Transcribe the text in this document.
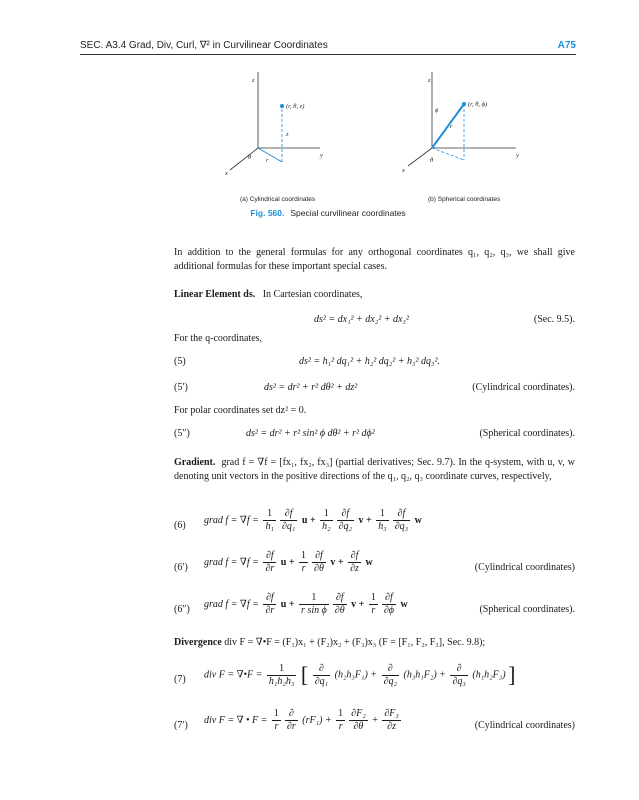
SEC. A3.4 Grad, Div, Curl, ∇² in Curvilinear Coordinates	A75
z
y
x
r
θ
z
(r, θ, z)
z
y
x
r
ϕ
θ
(r, θ, ϕ)
(a) Cylindrical coordinates	(b) Spherical coordinates
Fig. 560. Special curvilinear coordinates
In addition to the general formulas for any orthogonal coordinates q₁, q₂, q₃, we shall give additional formulas for these important special cases.
Linear Element ds. In Cartesian coordinates,
ds² = dx₁² + dx₂² + dx₃²	(Sec. 9.5).
For the q-coordinates,
(5)	ds² = h₁² dq₁² + h₂² dq₂² + h₃² dq₃².
(5′)	ds² = dr² + r² dθ² + dz²	(Cylindrical coordinates).
For polar coordinates set dz² = 0.
(5″)	ds² = dr² + r² sin² ϕ dθ² + r² dϕ²	(Spherical coordinates).
Gradient. grad f = ∇f = [fx₁, fx₂, fx₃] (partial derivatives; Sec. 9.7). In the q-system, with u, v, w denoting unit vectors in the positive directions of the q₁, q₂, q₃ coordinate curves, respectively,
(6) grad $f = \nabla f = \frac{1}{\text{h₁}} \frac{\partial f}{\text{∂q₁}}$ $u + \frac{1}{\text{h₂}} \frac{\partial f}{\text{∂q₂}}$ $v + \frac{1}{\text{h₃}} \frac{\partial f}{\text{∂q₃}}$ w
(6′) grad $f = \nabla f = \frac{\partial f}{\partial r}$ $u + \frac{1}{r} \frac{\partial f}{\partial\theta}$ $v + \frac{\partial f}{\partial z}$ w	(Cylindrical coordinates)
(6″) grad $f = \nabla f = \frac{\partial f}{\partial r}$ $u + \frac{1}{\text{r sin ϕ}} \frac{\partial f}{\partial\theta}$ $v + \frac{1}{r} \frac{\partial f}{\partial\phi}$ w	(Spherical coordinates).
Divergence div F = ∇•F = (F₁)x₁ + (F₂)x₂ + (F₃)x₃ (F = [F₁, F₂, F₃], Sec. 9.8);
(7) div F = ∇•F = $\frac{1}{\text{h₁h₂h₃}}$ [ $\frac{\partial}{\text{∂q₁}} (h_2h_3F_1) + \frac{\partial}{\text{∂q₂}} (h_3h_1F_2) + \frac{\partial}{\text{∂q₃}} (h_1h_2F_3)$ ]
(7′) div F = ∇ • $F = \frac{1}{r} \frac{\partial}{\partial r} (rF_1) + \frac{1}{r} \frac{\text{∂F₂}}{\partial\theta} + \frac{\text{∂F₃}}{\partial z}$	(Cylindrical coordinates)
